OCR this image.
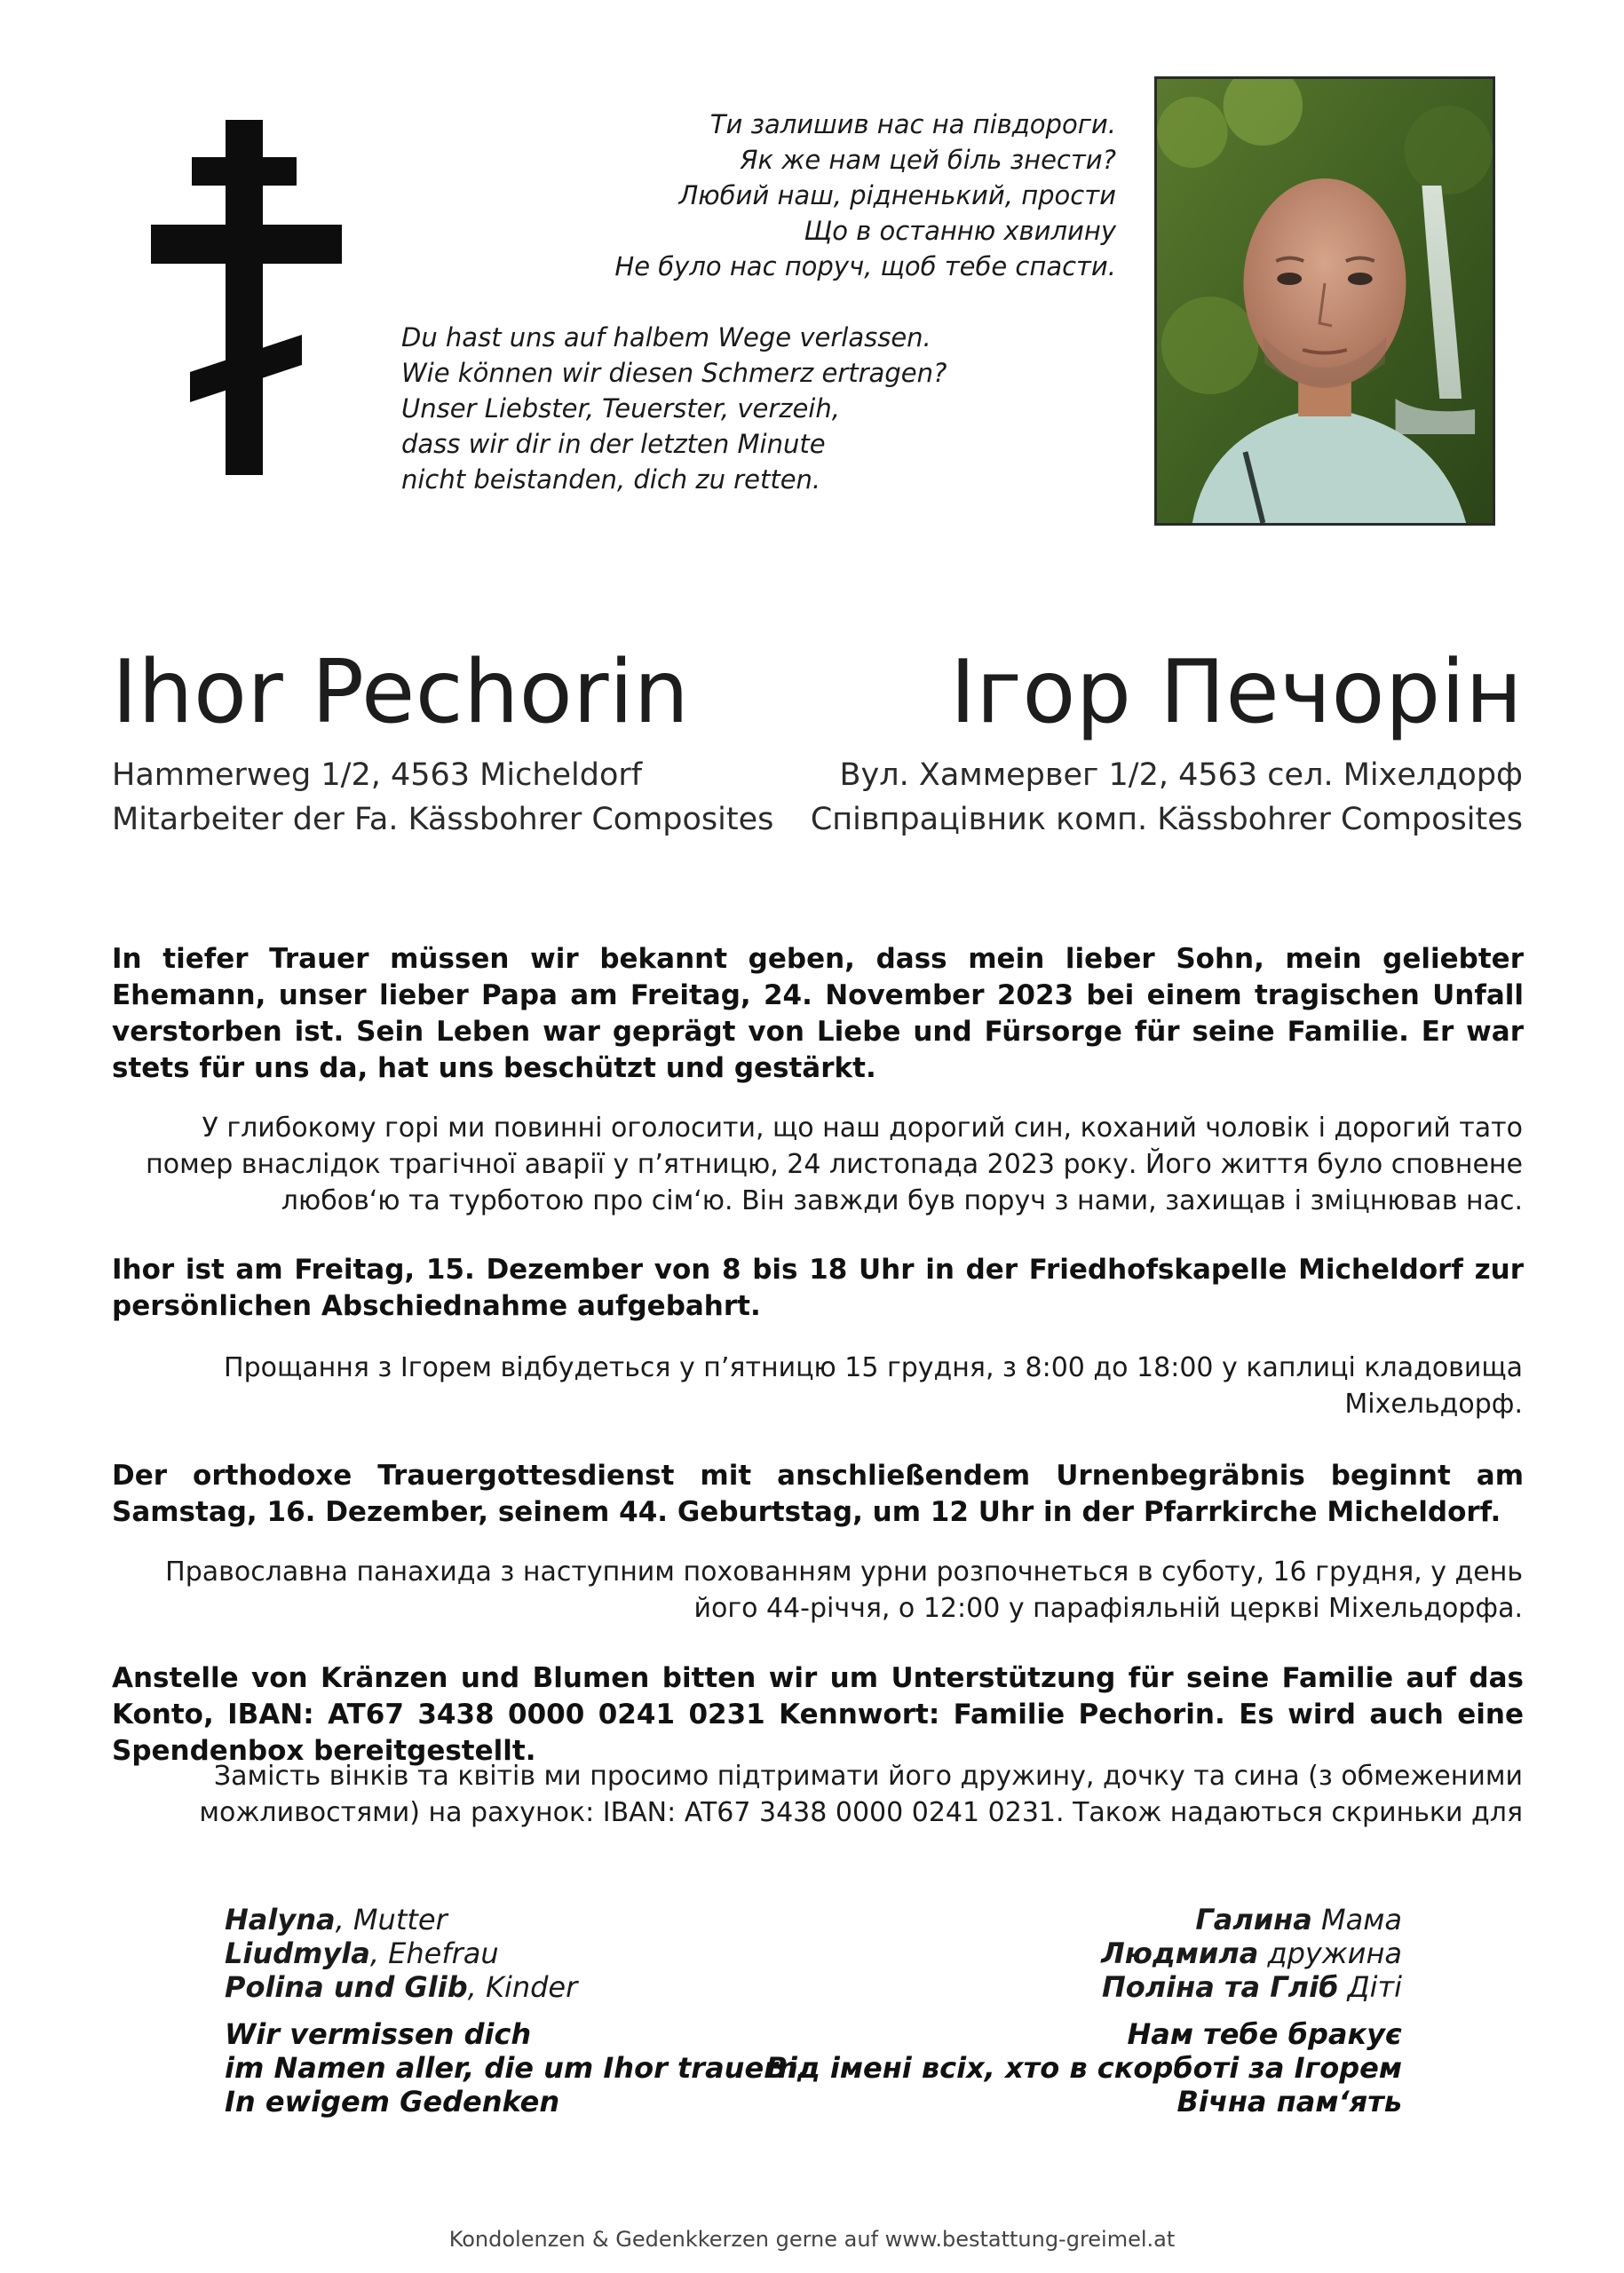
Ти залишив нас на півдороги.
Як же нам цей біль знести?
Любий наш, рідненький, прости
Що в останню хвилину
Не було нас поруч, щоб тебе спасти.
Du hast uns auf halbem Wege verlassen.
Wie können wir diesen Schmerz ertragen?
Unser Liebster, Teuerster, verzeih,
dass wir dir in der letzten Minute
nicht beistanden, dich zu retten.
Ihor Pechorin	Ігор Печорін
Hammerweg 1/2, 4563 Micheldorf
Mitarbeiter der Fa. Kässbohrer Composites
Вул. Хаммервег 1/2, 4563 сел. Міхелдорф
Співпрацівник комп. Kässbohrer Composites

In tiefer Trauer müssen wir bekannt geben, dass mein lieber Sohn, mein geliebter Ehemann, unser lieber Papa am Freitag, 24. November 2023 bei einem tragischen Unfall verstorben ist. Sein Leben war geprägt von Liebe und Fürsorge für seine Familie. Er war stets für uns da, hat uns beschützt und gestärkt.

У глибокому горі ми повинні оголосити, що наш дорогий син, коханий чоловік і дорогий тато
помер внаслідок трагічної аварії у п’ятницю, 24 листопада 2023 року. Його життя було сповнене
любов‘ю та турботою про сім‘ю. Він завжди був поруч з нами, захищав і зміцнював нас.

Ihor ist am Freitag, 15. Dezember von 8 bis 18 Uhr in der Friedhofskapelle Micheldorf zur persönlichen Abschiednahme aufgebahrt.

Прощання з Ігорем відбудеться у п’ятницю 15 грудня, з 8:00 до 18:00 у каплиці кладовища
Міхельдорф.

Der orthodoxe Trauergottesdienst mit anschließendem Urnenbegräbnis beginnt am Samstag, 16. Dezember, seinem 44. Geburtstag, um 12 Uhr in der Pfarrkirche Micheldorf.

Православна панахида з наступним похованням урни розпочнеться в суботу, 16 грудня, у день
його 44-річчя, о 12:00 у парафіяльній церкві Міхельдорфа.

Anstelle von Kränzen und Blumen bitten wir um Unterstützung für seine Familie auf das Konto, IBAN: AT67 3438 0000 0241 0231 Kennwort: Familie Pechorin. Es wird auch eine Spendenbox bereitgestellt.

Замість вінків та квітів ми просимо підтримати його дружину, дочку та сина (з обмеженими
можливостями) на рахунок: IBAN: AT67 3438 0000 0241 0231. Також надаються скриньки для
Halyna, Mutter
Liudmyla, Ehefrau
Polina und Glib, Kinder
Галина Мама
Людмила дружина
Поліна та Гліб Діті
Wir vermissen dich
im Namen aller, die um Ihor trauern.
In ewigem Gedenken
Нам тебе бракує
Від імені всіх, хто в скорботі за Ігорем
Вічна пам‘ять
Kondolenzen & Gedenkkerzen gerne auf www.bestattung-greimel.at
